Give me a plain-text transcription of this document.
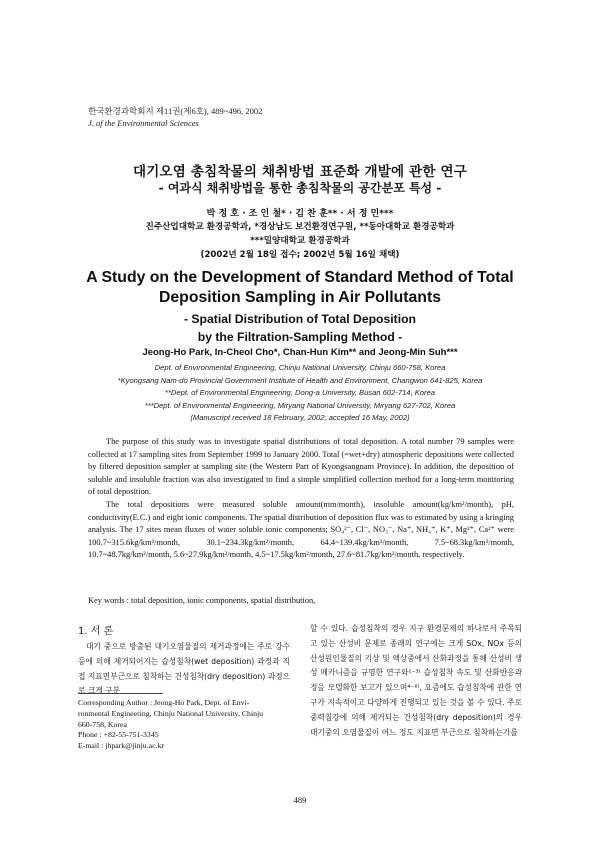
한국환경과학회지 제11권(제6호), 489~496, 2002
J. of the Environmental Sciences
대기오염 총침착물의 채취방법 표준화 개발에 관한 연구
- 여과식 채취방법을 통한 총침착물의 공간분포 특성 -
박 정 호 · 조 인 철* · 김 찬 훈** · 서 정 민***
진주산업대학교 환경공학과, *경상남도 보건환경연구원, **동아대학교 환경공학과
***밀양대학교 환경공학과
(2002년 2월 18일 접수; 2002년 5월 16일 채택)
A Study on the Development of Standard Method of Total
Deposition Sampling in Air Pollutants
- Spatial Distribution of Total Deposition
by the Filtration-Sampling Method -
Jeong-Ho Park, In-Cheol Cho*, Chan-Hun Kim** and Jeong-Min Suh***
Dept. of Environmental Engineering, Chinju National University, Chinju 660-758, Korea
*Kyongsang Nam-do Provincial Government Institute of Health and Environment, Changwon 641-825, Korea
**Dept. of Environmental Engineering, Dong-a University, Busan 602-714, Korea
***Dept. of Environmental Engineering, Miryang National University, Miryang 627-702, Korea
(Manuscript received 18 February, 2002; accepted 16 May, 2002)

The purpose of this study was to investigate spatial distributions of total deposition. A total number 79 samples were collected at 17 sampling sites from September 1999 to January 2000. Total (=wet+dry) atmospheric depositions were collected by filtered deposition sampler at sampling site (the Western Part of Kyongsangnam Province). In addition, the deposition of soluble and insoluble fraction was also investigated to find a simple simplified collection method for a long-term monitoring of total deposition.

The total depositions were measured soluble amount(mm/month), insoluble amount(kg/km²/month), pH, conductivity(E.C.) and eight ionic components. The spatial distribution of deposition flux was to estimated by using a kringing analysis. The 17 sites mean fluxes of water soluble ionic components; SO₄²⁻, Cl⁻, NO₃⁻, Na⁺, NH₄⁺, K⁺, Mg²⁺, Ca²⁺ were 100.7~315.6kg/km²/month, 30.1~234.3kg/km²/month, 64.4~139.4kg/km²/month, 7.5~68.3kg/km²/month, 10.7~48.7kg/km²/month, 5.6~27.9kg/km²/month, 4.5~17.5kg/km²/month, 27.6~81.7kg/km²/month, respectively.

Key words : total deposition, ionic components, spatial distribution,
1. 서 론

대기 중으로 방출된 대기오염물질의 제거과정에는 주로 강수 등에 의해 제거되어지는 습성침착(wet deposition) 과정과 직접 지표면부근으로 침착하는 건성침착(dry deposition) 과정으로 크게 구분

할 수 있다. 습성침착의 경우 지구 환경문제의 하나로서 주목되고 있는 산성비 문제로 종래의 연구에는 크게 SOx, NOx 등의 산성원인물질의 기상 및 액상중에서 산화과정을 통해 산성비 생성 메카니즘을 규명한 연구와¹⁻³⁾ 습성침착 속도 및 산화반응과정을 모델화한 보고가 있으며⁴⁻⁶⁾, 요즘에도 습성침착에 관한 연구가 지속적이고 다양하게 진행되고 있는 것을 볼 수 있다. 주로 중력침강에 의해 제거되는 건성침착(dry deposition)의 경우 대기중의 오염물질이 어느 정도 지표면 부근으로 침착하는가를

Corresponding Author : Jeong-Ho Park, Dept. of Envi-
ronmental Engineering, Chinju National University, Chinju
660-758, Korea
Phone : +82-55-751-3345
E-mail : jhpark@jinju.ac.kr
489
